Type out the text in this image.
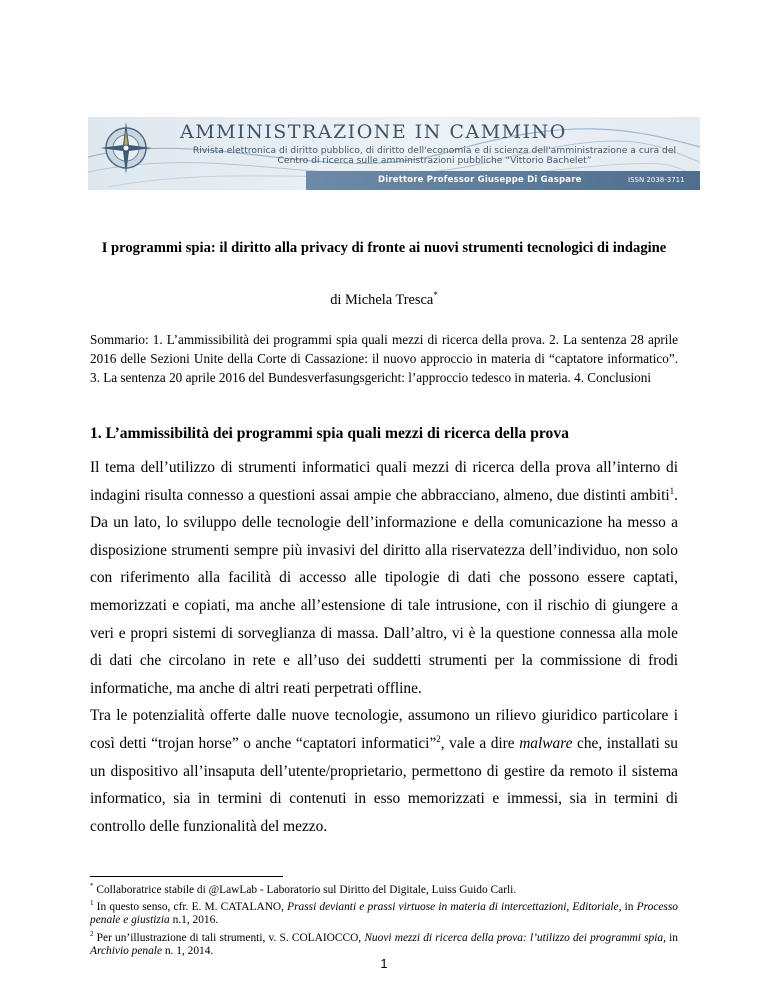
AMMINISTRAZIONE IN CAMMINO
Rivista elettronica di diritto pubblico, di diritto dell'economia e di scienza dell'amministrazione a cura del Centro di ricerca sulle amministrazioni pubbliche “Vittorio Bachelet”
Direttore Professor Giuseppe Di Gaspare	ISSN 2038-3711
I programmi spia: il diritto alla privacy di fronte ai nuovi strumenti tecnologici di indagine
di Michela Tresca*
Sommario: 1. L’ammissibilità dei programmi spia quali mezzi di ricerca della prova. 2. La sentenza 28 aprile 2016 delle Sezioni Unite della Corte di Cassazione: il nuovo approccio in materia di “captatore informatico”. 3. La sentenza 20 aprile 2016 del Bundesverfasungsgericht: l’approccio tedesco in materia. 4. Conclusioni
1. L’ammissibilità dei programmi spia quali mezzi di ricerca della prova

Il tema dell’utilizzo di strumenti informatici quali mezzi di ricerca della prova all’interno di indagini risulta connesso a questioni assai ampie che abbracciano, almeno, due distinti ambiti$^1$. Da un lato, lo sviluppo delle tecnologie dell’informazione e della comunicazione ha messo a disposizione strumenti sempre più invasivi del diritto alla riservatezza dell’individuo, non solo con riferimento alla facilità di accesso alle tipologie di dati che possono essere captati, memorizzati e copiati, ma anche all’estensione di tale intrusione, con il rischio di giungere a veri e propri sistemi di sorveglianza di massa. Dall’altro, vi è la questione connessa alla mole di dati che circolano in rete e all’uso dei suddetti strumenti per la commissione di frodi informatiche, ma anche di altri reati perpetrati offline.

Tra le potenzialità offerte dalle nuove tecnologie, assumono un rilievo giuridico particolare i così detti “trojan horse” o anche “captatori informatici”$^2$, vale a dire malware che, installati su un dispositivo all’insaputa dell’utente/proprietario, permettono di gestire da remoto il sistema informatico, sia in termini di contenuti in esso memorizzati e immessi, sia in termini di controllo delle funzionalità del mezzo.

* Collaboratrice stabile di @LawLab - Laboratorio sul Diritto del Digitale, Luiss Guido Carli.

$^1$ In questo senso, cfr. E. M. CATALANO, Prassi devianti e prassi virtuose in materia di intercettazioni, Editoriale, in Processo penale e giustizia n.1, 2016.

$^2$ Per un’illustrazione di tali strumenti, v. S. COLAIOCCO, Nuovi mezzi di ricerca della prova: l’utilizzo dei programmi spia, in Archivio penale n. 1, 2014.

1
